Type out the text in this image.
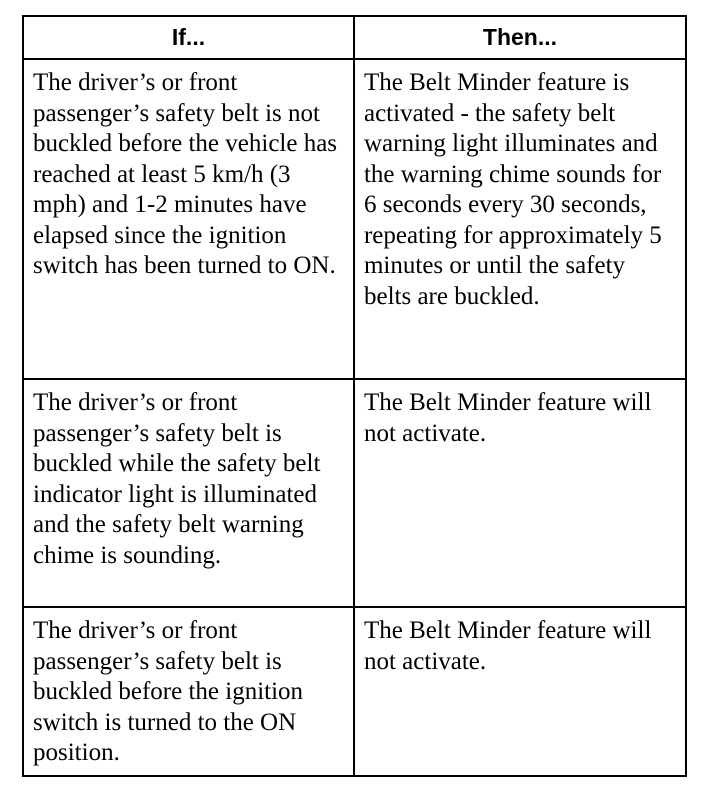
If...	Then...
The driver’s or front passenger’s safety belt is not buckled before the vehicle has reached at least 5 km/h (3 mph) and 1-2 minutes have elapsed since the ignition switch has been turned to ON.	The Belt Minder feature is activated - the safety belt warning light illuminates and the warning chime sounds for 6 seconds every 30 seconds, repeating for approximately 5 minutes or until the safety belts are buckled.
The driver’s or front passenger’s safety belt is buckled while the safety belt indicator light is illuminated and the safety belt warning chime is sounding.	The Belt Minder feature will not activate.
The driver’s or front passenger’s safety belt is buckled before the ignition switch is turned to the ON position.	The Belt Minder feature will not activate.
